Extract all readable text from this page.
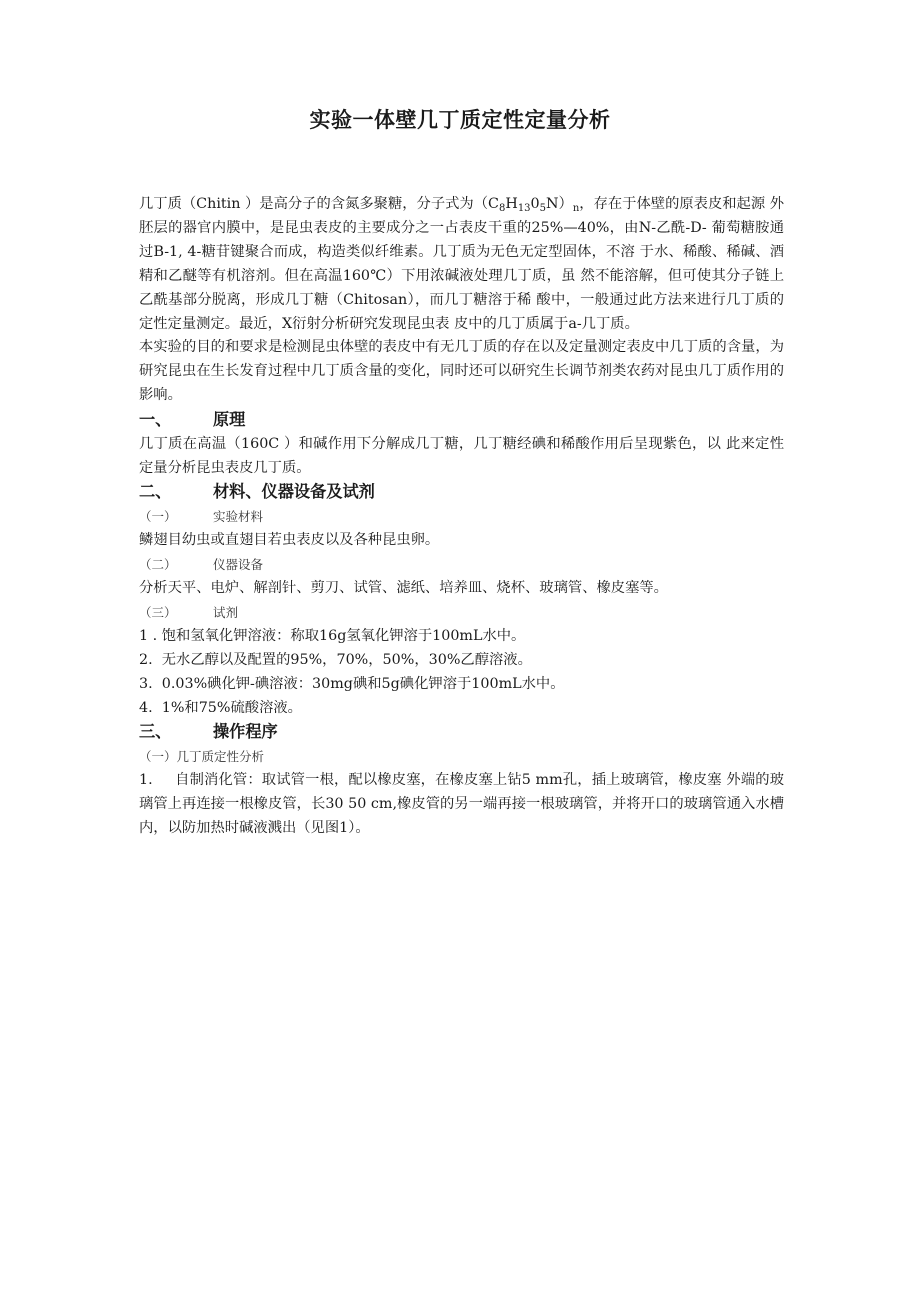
实验一体壁几丁质定性定量分析

几丁质（Chitin ）是高分子的含氮多聚糖，分子式为$(C_8H_{13}0_5N)_n$，存在于体壁的原表皮和起源 外胚层的器官内膜中，是昆虫表皮的主要成分之一占表皮干重的25%—40%，由N-乙酰-D- 葡萄糖胺通过B-1, 4-糖苷键聚合而成，构造类似纤维素。几丁质为无色无定型固体，不溶 于水、稀酸、稀碱、酒精和乙醚等有机溶剂。但在高温160℃）下用浓碱液处理几丁质，虽 然不能溶解，但可使其分子链上乙酰基部分脱离，形成几丁糖（Chitosan），而几丁糖溶于稀 酸中，一般通过此方法来进行几丁质的定性定量测定。最近，X衍射分析研究发现昆虫表 皮中的几丁质属于a-几丁质。

本实验的目的和要求是检测昆虫体壁的表皮中有无几丁质的存在以及定量测定表皮中几丁质的含量，为研究昆虫在生长发育过程中几丁质含量的变化，同时还可以研究生长调节剂类农药对昆虫几丁质作用的影响。

一、	原理

几丁质在高温（160C ）和碱作用下分解成几丁糖，几丁糖经碘和稀酸作用后呈现紫色，以 此来定性定量分析昆虫表皮几丁质。

二、	材料、仪器设备及试剂

（一）	实验材料

鳞翅目幼虫或直翅目若虫表皮以及各种昆虫卵。

（二）	仪器设备

分析天平、电炉、解剖针、剪刀、试管、滤纸、培养皿、烧杯、玻璃管、橡皮塞等。

（三）	试剂

1 . 饱和氢氧化钾溶液：称取16g氢氧化钾溶于100mL水中。

2.  无水乙醇以及配置的95%，70%，50%，30%乙醇溶液。

3.  0.03%碘化钾-碘溶液：30mg碘和5g碘化钾溶于100mL水中。

4.  1%和75%硫酸溶液。

三、	操作程序

（一）几丁质定性分析

1. 自制消化管：取试管一根，配以橡皮塞，在橡皮塞上钻5 mm孔，插上玻璃管，橡皮塞 外端的玻璃管上再连接一根橡皮管，长30 50 cm,橡皮管的另一端再接一根玻璃管，并将开口的玻璃管通入水槽内，以防加热时碱液溅出（见图1）。
